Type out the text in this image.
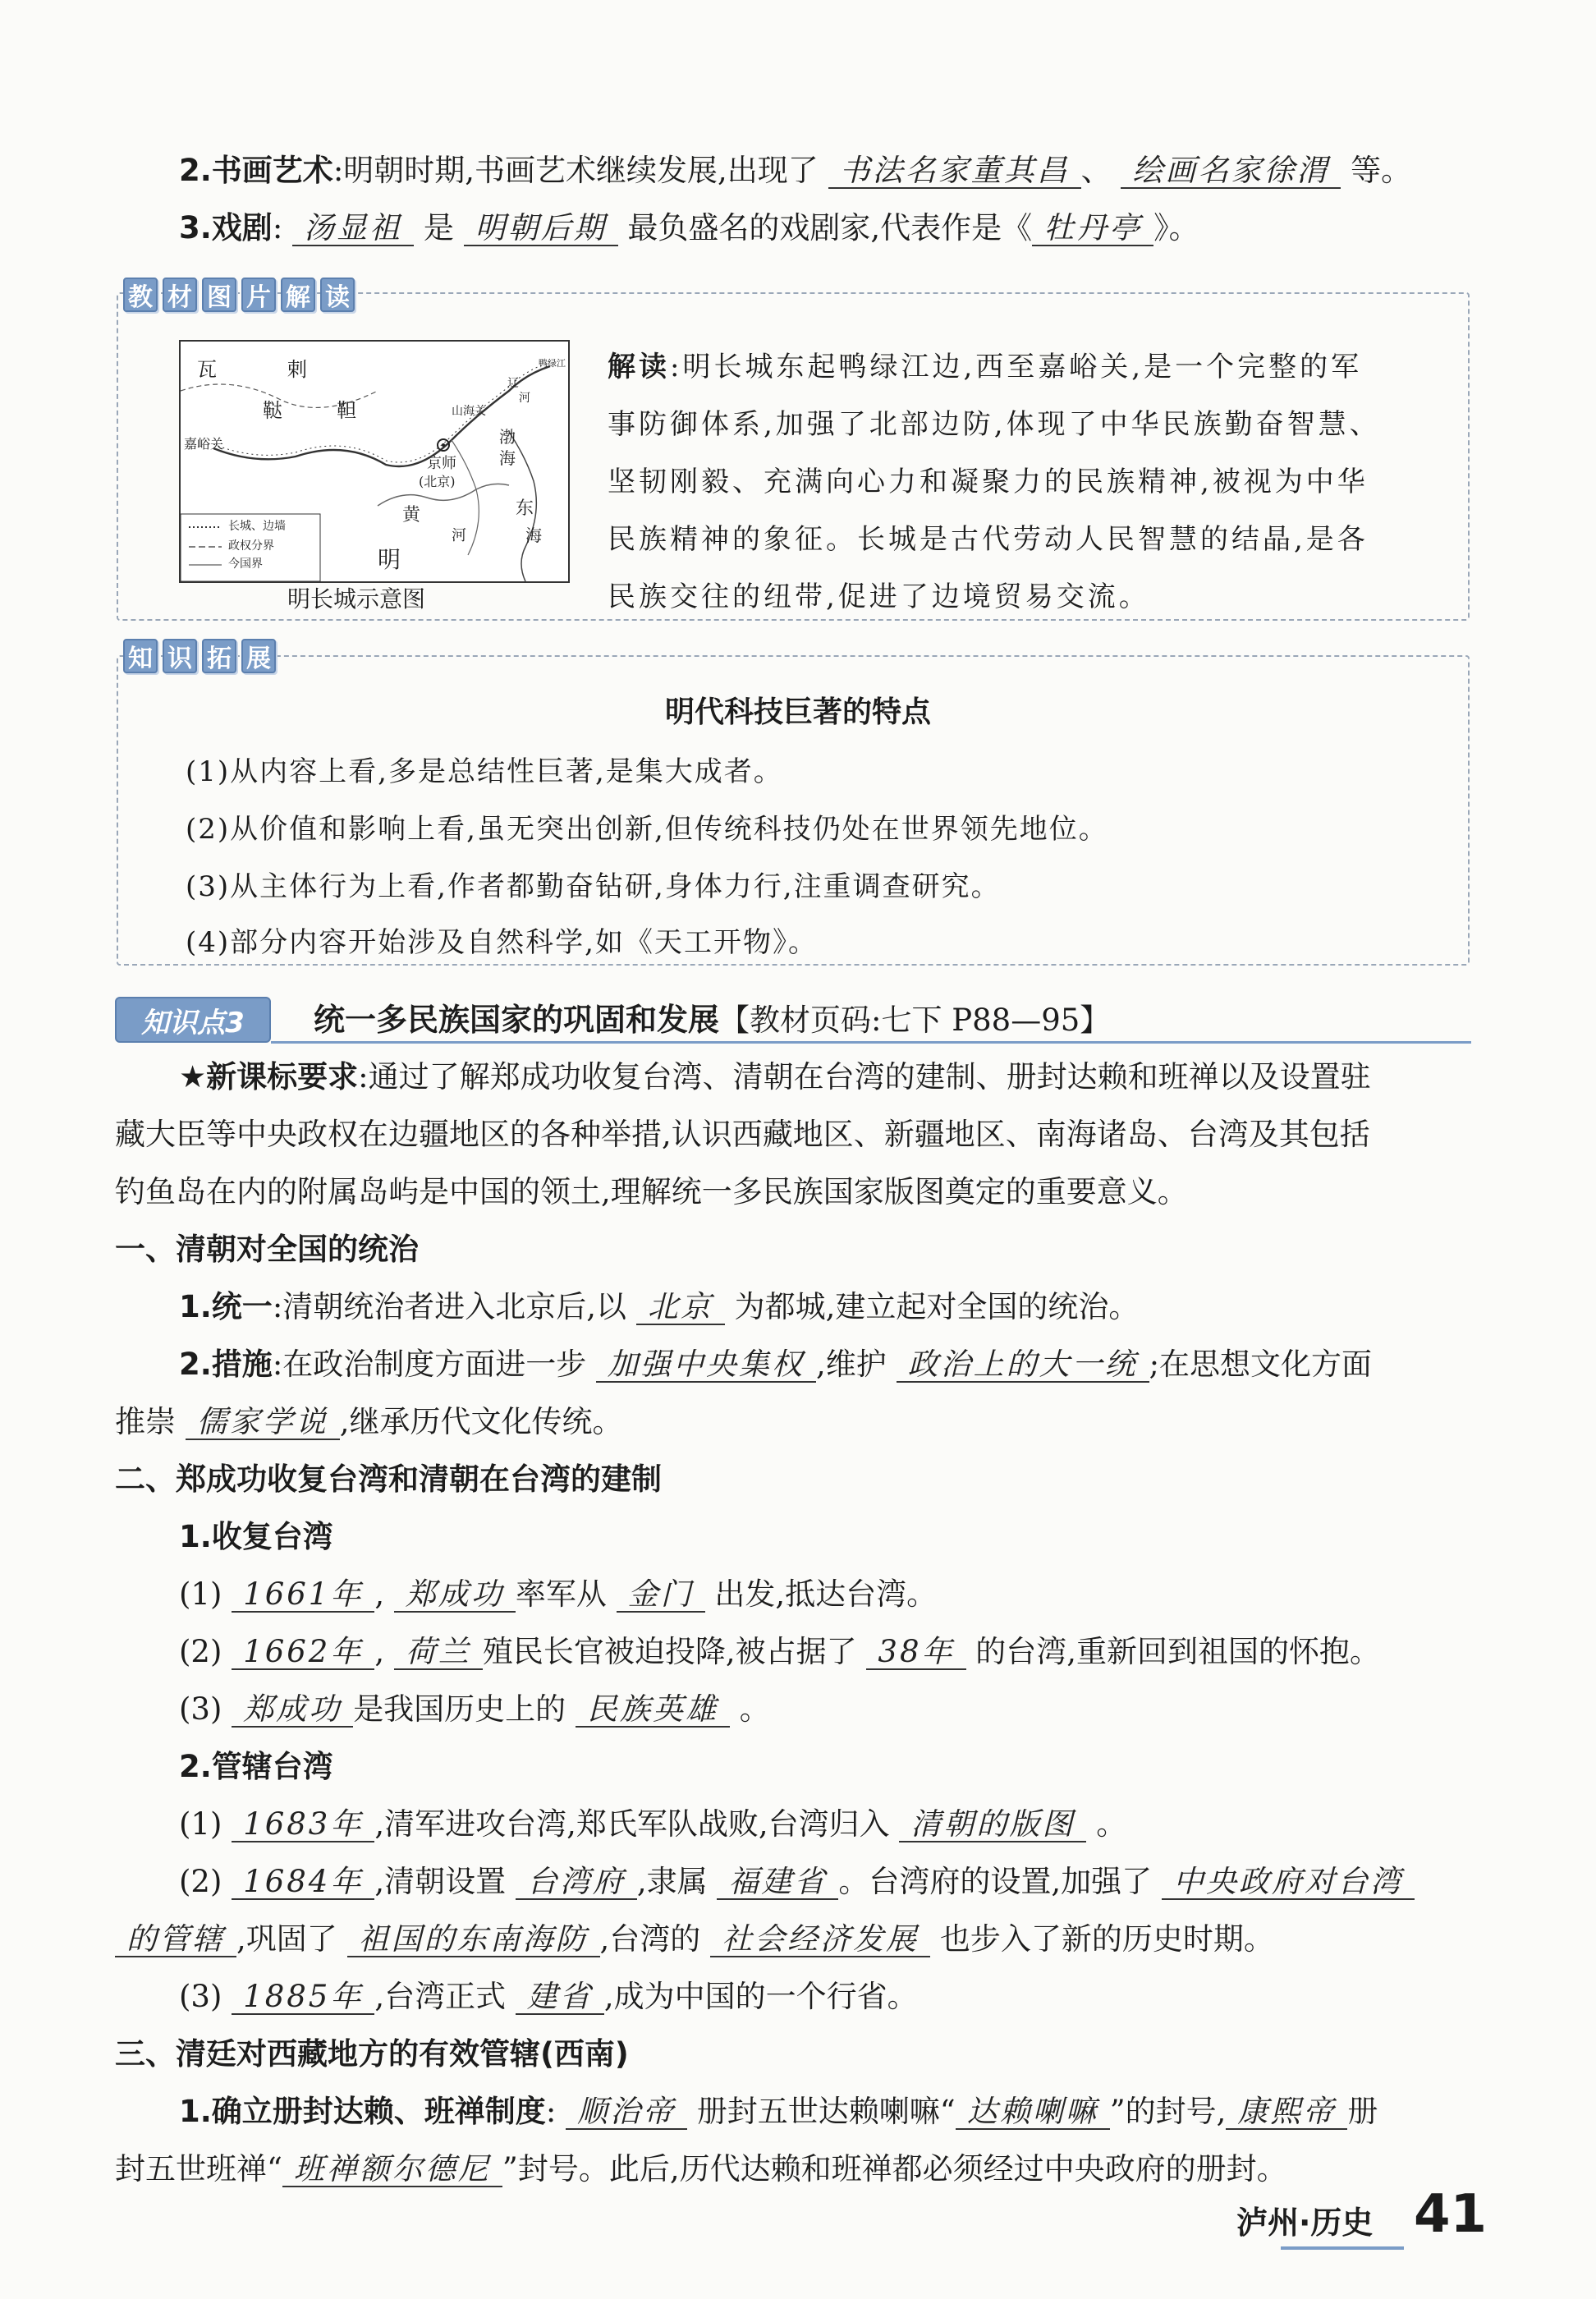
2.书画艺术:明朝时期,书画艺术继续发展,出现了 书法名家董其昌 、 绘画名家徐渭 等。
3.戏剧: 汤显祖 是 明朝后期 最负盛名的戏剧家,代表作是《 牡丹亭 》。
教 材 图 片 解 读
瓦	剌
鞑	靼
嘉峪关
山海关
渤
海
京师
(北京)
黄
河
东
海
明
辽
河
鸭绿江
长城、边墙
政权分界
今国界
明长城示意图
解读:明长城东起鸭绿江边,西至嘉峪关,是一个完整的军
事防御体系,加强了北部边防,体现了中华民族勤奋智慧、
坚韧刚毅、充满向心力和凝聚力的民族精神,被视为中华
民族精神的象征。长城是古代劳动人民智慧的结晶,是各
民族交往的纽带,促进了边境贸易交流。
知 识 拓 展
明代科技巨著的特点
(1)从内容上看,多是总结性巨著,是集大成者。
(2)从价值和影响上看,虽无突出创新,但传统科技仍处在世界领先地位。
(3)从主体行为上看,作者都勤奋钻研,身体力行,注重调查研究。
(4)部分内容开始涉及自然科学,如《天工开物》。
知识点3	统一多民族国家的巩固和发展【教材页码:七下 P88—95】
★新课标要求:通过了解郑成功收复台湾、清朝在台湾的建制、册封达赖和班禅以及设置驻
藏大臣等中央政权在边疆地区的各种举措,认识西藏地区、新疆地区、南海诸岛、台湾及其包括
钓鱼岛在内的附属岛屿是中国的领土,理解统一多民族国家版图奠定的重要意义。
一、清朝对全国的统治
1.统一:清朝统治者进入北京后,以 北京 为都城,建立起对全国的统治。
2.措施:在政治制度方面进一步 加强中央集权 ,维护 政治上的大一统 ;在思想文化方面
推崇 儒家学说 ,继承历代文化传统。
二、郑成功收复台湾和清朝在台湾的建制
1.收复台湾
(1) 1661年 , 郑成功 率军从 金门 出发,抵达台湾。
(2) 1662年 , 荷兰 殖民长官被迫投降,被占据了 38年 的台湾,重新回到祖国的怀抱。
(3) 郑成功 是我国历史上的 民族英雄 。
2.管辖台湾
(1) 1683年 ,清军进攻台湾,郑氏军队战败,台湾归入 清朝的版图 。
(2) 1684年 ,清朝设置 台湾府 ,隶属 福建省 。台湾府的设置,加强了 中央政府对台湾
的管辖 ,巩固了 祖国的东南海防 ,台湾的 社会经济发展 也步入了新的历史时期。
(3) 1885年 ,台湾正式 建省 ,成为中国的一个行省。
三、清廷对西藏地方的有效管辖(西南)
1.确立册封达赖、班禅制度: 顺治帝 册封五世达赖喇嘛“ 达赖喇嘛 ”的封号, 康熙帝 册
封五世班禅“ 班禅额尔德尼 ”封号。此后,历代达赖和班禅都必须经过中央政府的册封。
泸州·历史 41
